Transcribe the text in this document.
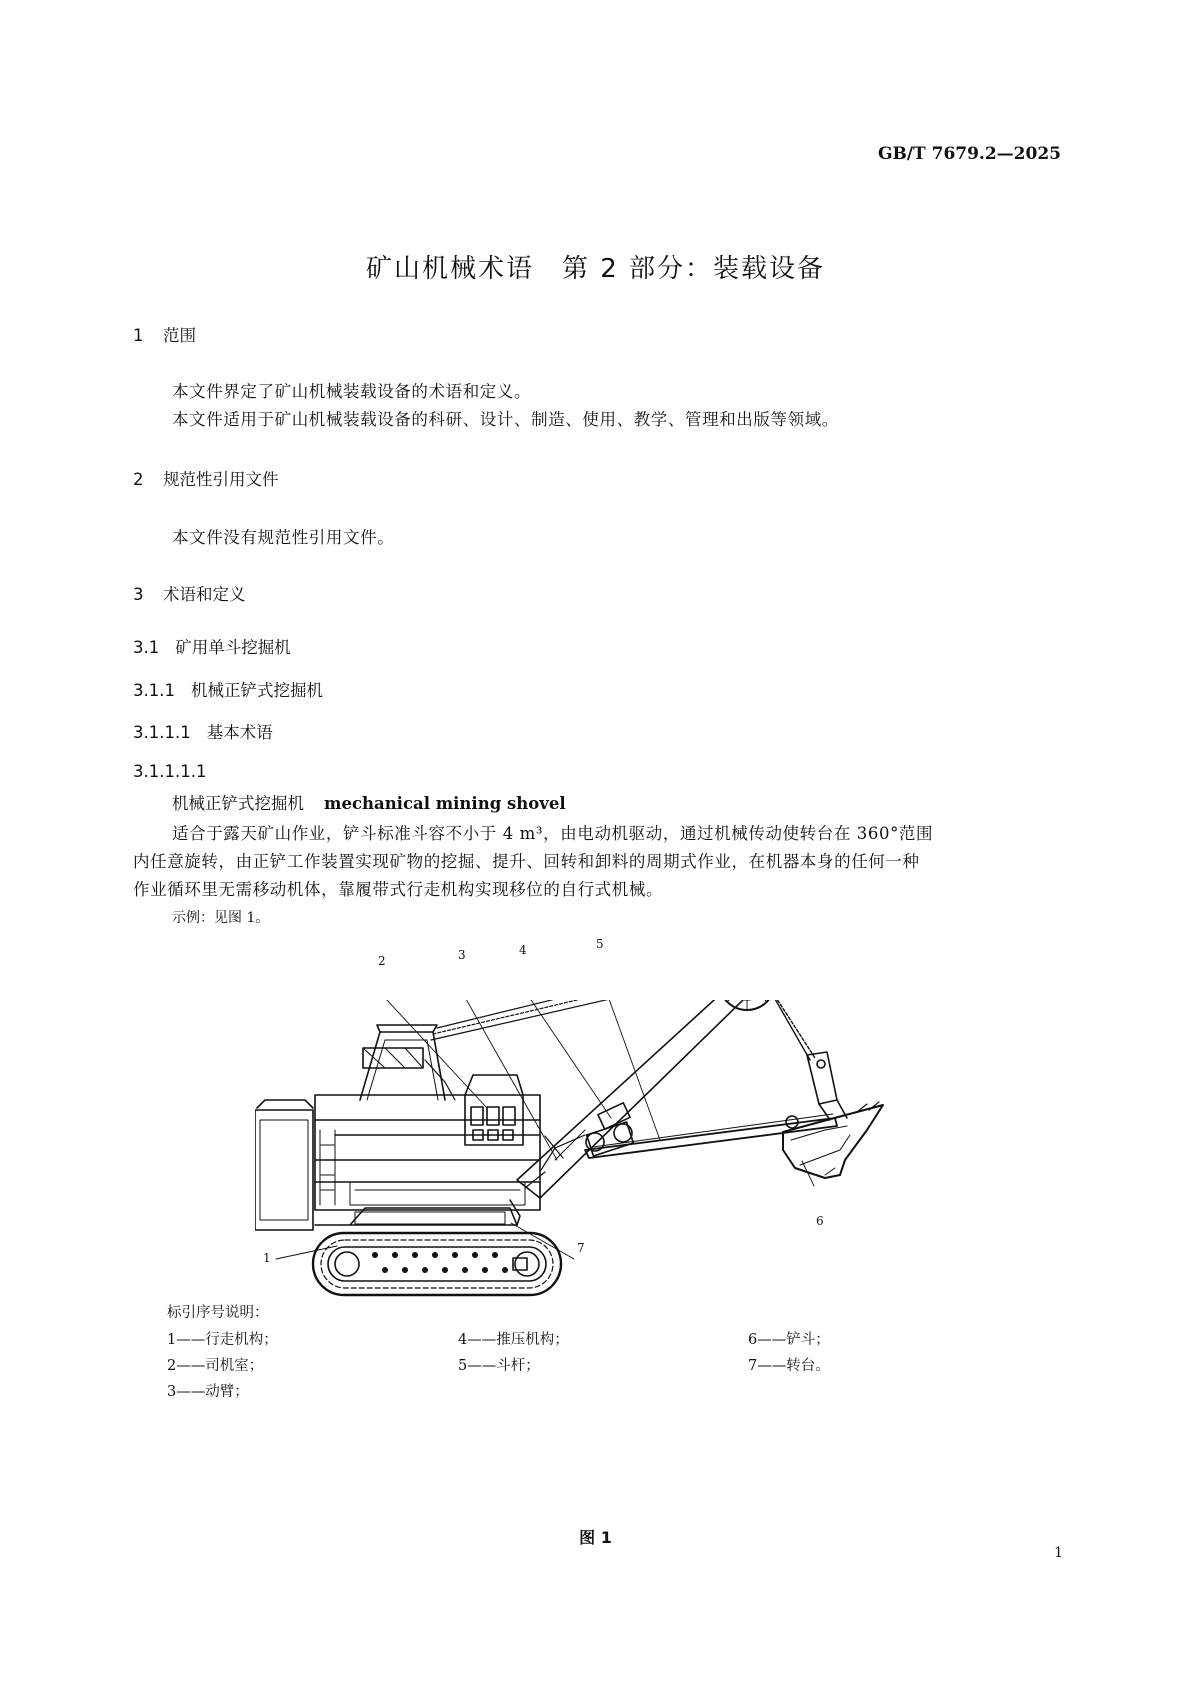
GB/T 7679.2—2025
矿山机械术语　第 2 部分：装载设备
1 范围
本文件界定了矿山机械装载设备的术语和定义。
本文件适用于矿山机械装载设备的科研、设计、制造、使用、教学、管理和出版等领域。
2 规范性引用文件
本文件没有规范性引用文件。
3 术语和定义
3.1 矿用单斗挖掘机
3.1.1 机械正铲式挖掘机
3.1.1.1 基本术语
3.1.1.1.1
机械正铲式挖掘机 mechanical mining shovel
适合于露天矿山作业，铲斗标准斗容不小于 4 m³，由电动机驱动，通过机械传动使转台在 360°范围
内任意旋转，由正铲工作装置实现矿物的挖掘、提升、回转和卸料的周期式作业，在机器本身的任何一种
作业循环里无需移动机体，靠履带式行走机构实现移位的自行式机械。
示例：见图 1。
2	3	4	5
6
7
1
标引序号说明：
1——行走机构；
2——司机室；
3——动臂；
4——推压机构；
5——斗杆；
6——铲斗；
7——转台。
图 1
1
